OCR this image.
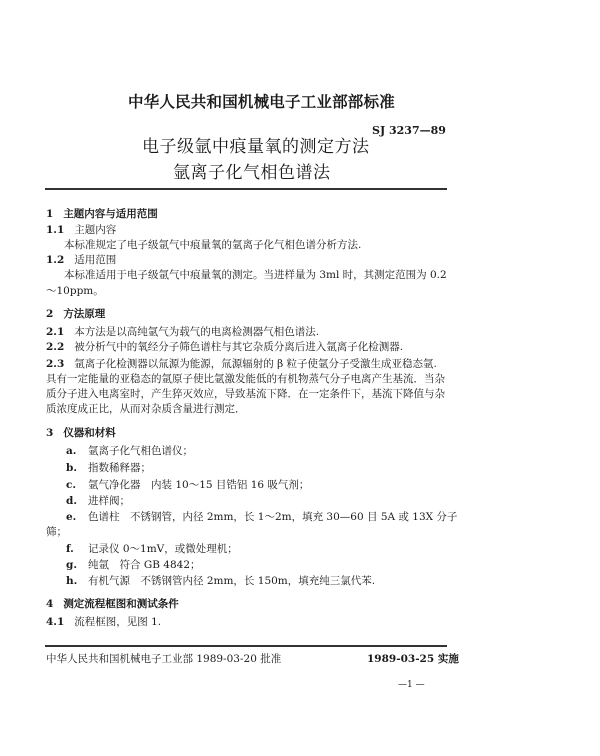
中华人民共和国机械电子工业部部标准
SJ 3237—89
电子级氩中痕量氧的测定方法
氩离子化气相色谱法
1 主题内容与适用范围
1.1 主题内容
本标准规定了电子级氩气中痕量氧的氩离子化气相色谱分析方法.
1.2 适用范围
本标准适用于电子级氩气中痕量氧的测定。当进样量为 3ml 时，其测定范围为 0.2
～10ppm。
2 方法原理
2.1 本方法是以高纯氩气为载气的电离检测器气相色谱法.
2.2 被分析气中的氧经分子筛色谱柱与其它杂质分离后进入氩离子化检测器.
2.3 氩离子化检测器以氚源为能源，氚源辐射的 β 粒子使氩分子受激生成亚稳态氩.
具有一定能量的亚稳态的氩原子使比氩激发能低的有机物蒸气分子电离产生基流．当杂
质分子进入电离室时，产生猝灭效应，导致基流下降．在一定条件下，基流下降值与杂
质浓度成正比，从而对杂质含量进行测定．
3 仪器和材料
a. 氩离子化气相色谱仪；
b. 指数稀释器；
c. 氩气净化器　内装 10～15 目锆铝 16 吸气剂；
d. 进样阀；
e. 色谱柱　不锈钢管，内径 2mm，长 1～2m，填充 30—60 目 5A 或 13X 分子
筛；
f. 记录仪 0～1mV，或微处理机；
g. 纯氩　符合 GB 4842；
h. 有机气源　不锈钢管内径 2mm，长 150m，填充纯三氯代苯.
4 测定流程框图和测试条件
4.1 流程框图，见图 1.
中华人民共和国机械电子工业部 1989-03-20 批准	1989-03-25 实施
—1 —
